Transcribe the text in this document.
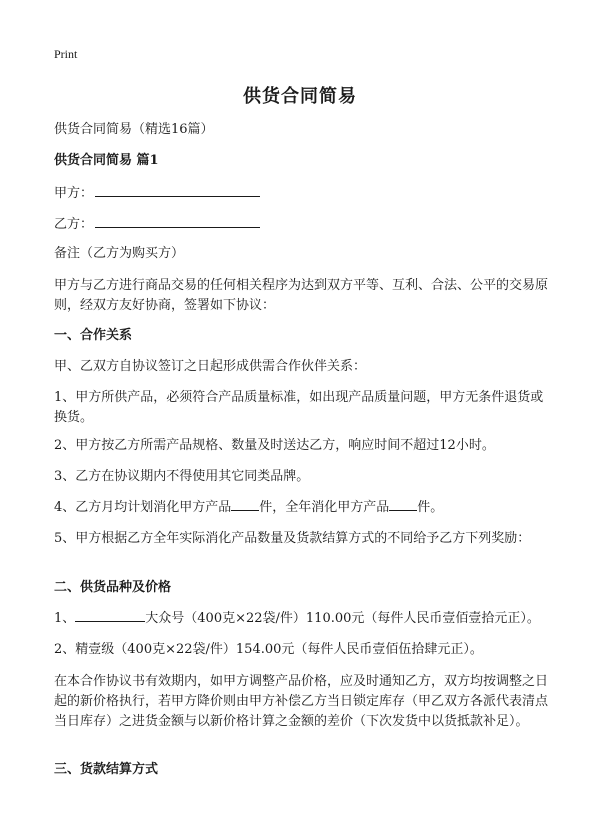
Print
供货合同简易
供货合同简易（精选16篇）
供货合同简易 篇1
甲方：
乙方：
备注（乙方为购买方）
甲方与乙方进行商品交易的任何相关程序为达到双方平等、互利、合法、公平的交易原则，经双方友好协商，签署如下协议：
一、合作关系
甲、乙双方自协议签订之日起形成供需合作伙伴关系：
1、甲方所供产品，必须符合产品质量标准，如出现产品质量问题，甲方无条件退货或换货。
2、甲方按乙方所需产品规格、数量及时送达乙方，响应时间不超过12小时。
3、乙方在协议期内不得使用其它同类品牌。
4、乙方月均计划消化甲方产品 件，全年消化甲方产品 件。
5、甲方根据乙方全年实际消化产品数量及货款结算方式的不同给予乙方下列奖励：
二、供货品种及价格
1、	大众号（400克×22袋/件）110.00元（每件人民币壹佰壹拾元正）。
2、精壹级（400克×22袋/件）154.00元（每件人民币壹佰伍拾肆元正）。
在本合作协议书有效期内，如甲方调整产品价格，应及时通知乙方，双方均按调整之日起的新价格执行，若甲方降价则由甲方补偿乙方当日锁定库存（甲乙双方各派代表清点当日库存）之进货金额与以新价格计算之金额的差价（下次发货中以货抵款补足）。
三、货款结算方式
